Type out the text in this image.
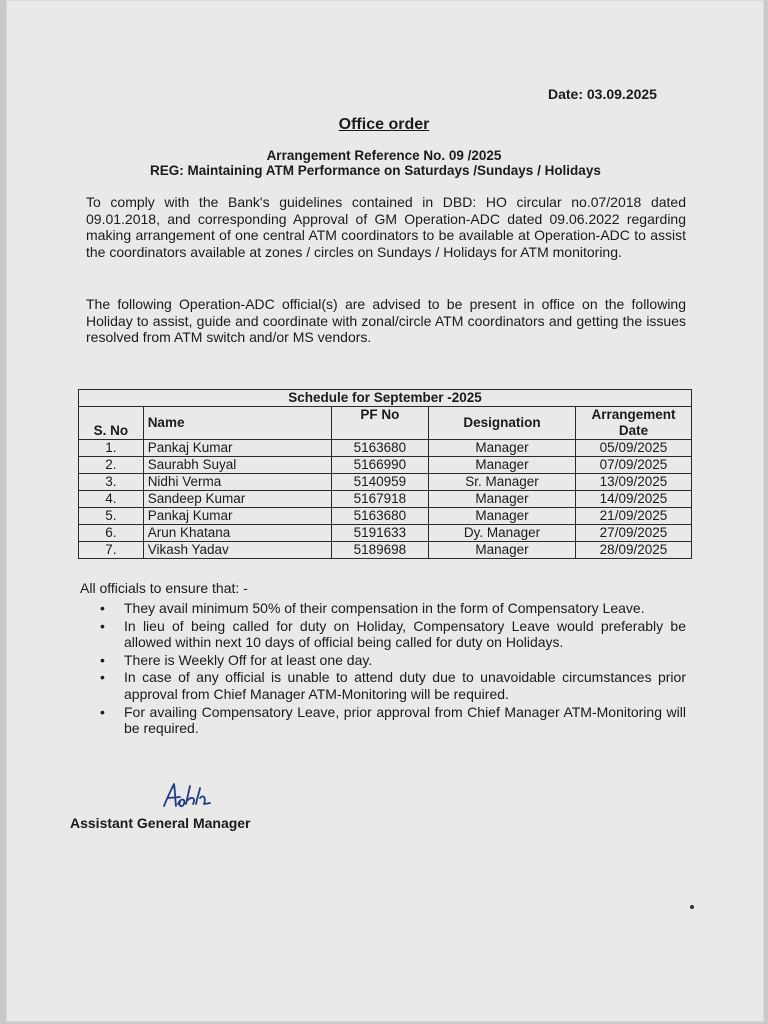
Date: 03.09.2025
Office order
Arrangement Reference No. 09 /2025
REG: Maintaining ATM Performance on Saturdays /Sundays / Holidays
To comply with the Bank's guidelines contained in DBD: HO circular no.07/2018 dated 09.01.2018, and corresponding Approval of GM Operation-ADC dated 09.06.2022 regarding making arrangement of one central ATM coordinators to be available at Operation-ADC to assist the coordinators available at zones / circles on Sundays / Holidays for ATM monitoring.
The following Operation-ADC official(s) are advised to be present in office on the following Holiday to assist, guide and coordinate with zonal/circle ATM coordinators and getting the issues resolved from ATM switch and/or MS vendors.
Schedule for September -2025				
S. No	Name	PF No	Designation	Arrangement Date
1.	Pankaj Kumar	5163680	Manager	05/09/2025
2.	Saurabh Suyal	5166990	Manager	07/09/2025
3.	Nidhi Verma	5140959	Sr. Manager	13/09/2025
4.	Sandeep Kumar	5167918	Manager	14/09/2025
5.	Pankaj Kumar	5163680	Manager	21/09/2025
6.	Arun Khatana	5191633	Dy. Manager	27/09/2025
7.	Vikash Yadav	5189698	Manager	28/09/2025
All officials to ensure that: -
• They avail minimum 50% of their compensation in the form of Compensatory Leave.
• In lieu of being called for duty on Holiday, Compensatory Leave would preferably be allowed within next 10 days of official being called for duty on Holidays.
• There is Weekly Off for at least one day.
• In case of any official is unable to attend duty due to unavoidable circumstances prior approval from Chief Manager ATM-Monitoring will be required.
• For availing Compensatory Leave, prior approval from Chief Manager ATM-Monitoring will be required.
Assistant General Manager
